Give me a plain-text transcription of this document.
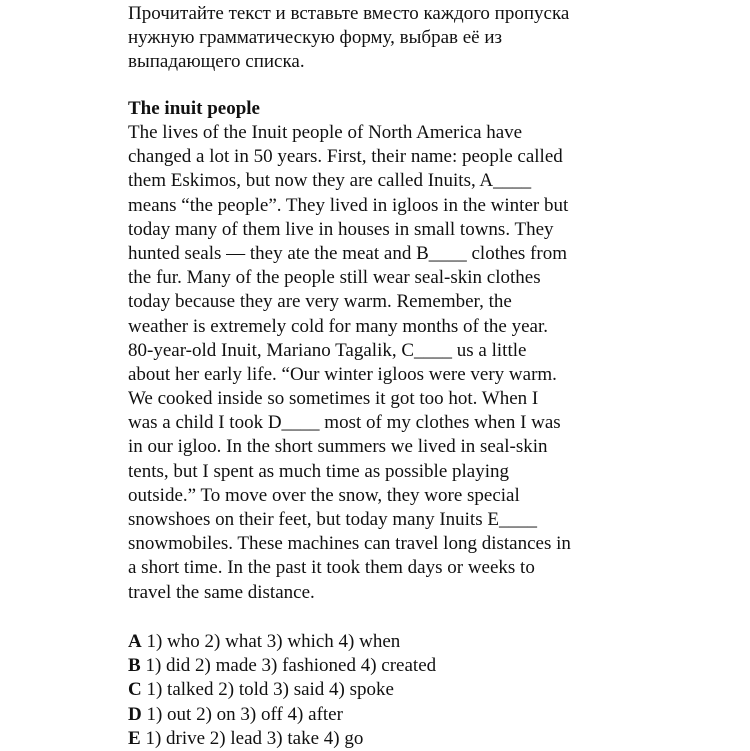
Прочитайте текст и вставьте вместо каждого пропуска
нужную грамматическую форму, выбрав её из
выпадающего списка.
The inuit people
The lives of the Inuit people of North America have
changed a lot in 50 years. First, their name: people called
them Eskimos, but now they are called Inuits, A____
means “the people”. They lived in igloos in the winter but
today many of them live in houses in small towns. They
hunted seals — they ate the meat and B____ clothes from
the fur. Many of the people still wear seal-skin clothes
today because they are very warm. Remember, the
weather is extremely cold for many months of the year.
80-year-old Inuit, Mariano Tagalik, C____ us a little
about her early life. “Our winter igloos were very warm.
We cooked inside so sometimes it got too hot. When I
was a child I took D____ most of my clothes when I was
in our igloo. In the short summers we lived in seal-skin
tents, but I spent as much time as possible playing
outside.” To move over the snow, they wore special
snowshoes on their feet, but today many Inuits E____
snowmobiles. These machines can travel long distances in
a short time. In the past it took them days or weeks to
travel the same distance.
A 1) who 2) what 3) which 4) when
B 1) did 2) made 3) fashioned 4) created
C 1) talked 2) told 3) said 4) spoke
D 1) out 2) on 3) off 4) after
E 1) drive 2) lead 3) take 4) go
